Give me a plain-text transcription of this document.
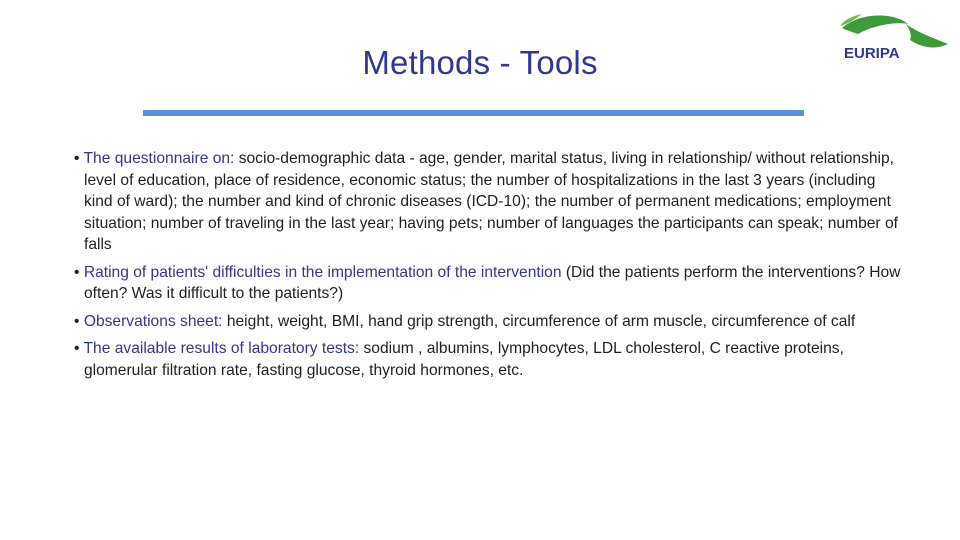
Methods - Tools	EURIPA
• The questionnaire on: socio-demographic data - age, gender, marital status, living in relationship/ without relationship, level of education, place of residence, economic status; the number of hospitalizations in the last 3 years (including kind of ward); the number and kind of chronic diseases (ICD-10); the number of permanent medications; employment situation; number of traveling in the last year; having pets; number of languages the participants can speak; number of falls
• Rating of patients' difficulties in the implementation of the intervention (Did the patients perform the interventions? How often? Was it difficult to the patients?)
• Observations sheet: height, weight, BMI, hand grip strength, circumference of arm muscle, circumference of calf
• The available results of laboratory tests: sodium , albumins, lymphocytes, LDL cholesterol, C reactive proteins, glomerular filtration rate, fasting glucose, thyroid hormones, etc.
